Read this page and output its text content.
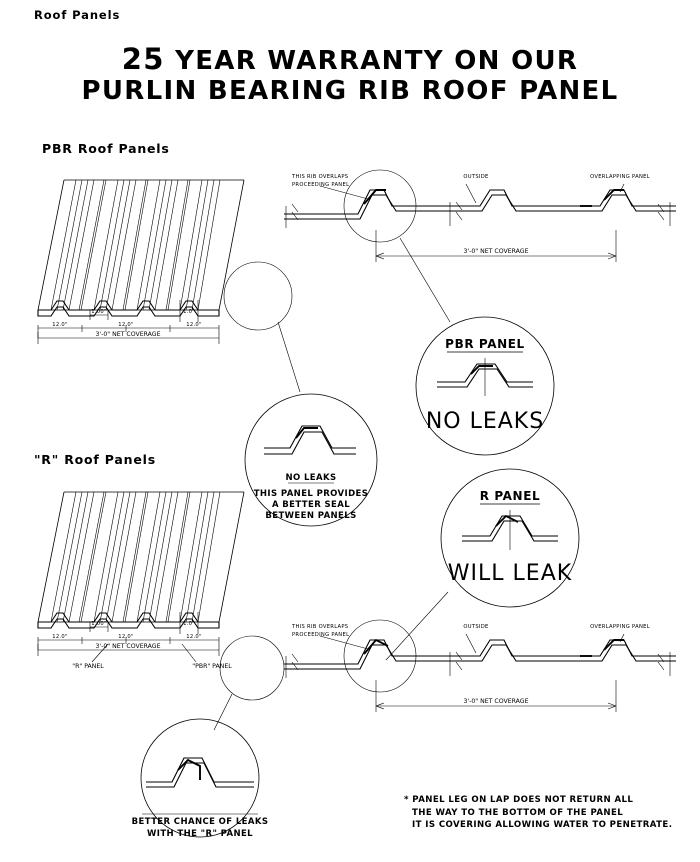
Roof Panels
25 YEAR WARRANTY ON OUR
PURLIN BEARING RIB ROOF PANEL
PBR Roof Panels
"R" Roof Panels
12.0"	12.0"	12.0"
1.00"	1.0"
3'-0" NET COVERAGE
12.0"	12.0"	12.0"
1.00"	1.0"
3'-0" NET COVERAGE
"R" PANEL	"PBR" PANEL
THIS RIB OVERLAPS
PROCEEDING PANEL
OUTSIDE	OVERLAPPING PANEL
3'-0" NET COVERAGE
THIS RIB OVERLAPS
PROCEEDING PANEL
OUTSIDE	OVERLAPPING PANEL
3'-0" NET COVERAGE
NO LEAKS
THIS PANEL PROVIDES
A BETTER SEAL
BETWEEN PANELS
PBR PANEL
NO LEAKS
R PANEL
WILL LEAK
BETTER CHANCE OF LEAKS
WITH THE "R" PANEL
* PANEL LEG ON LAP DOES NOT RETURN ALL
THE WAY TO THE BOTTOM OF THE PANEL
IT IS COVERING ALLOWING WATER TO PENETRATE.
